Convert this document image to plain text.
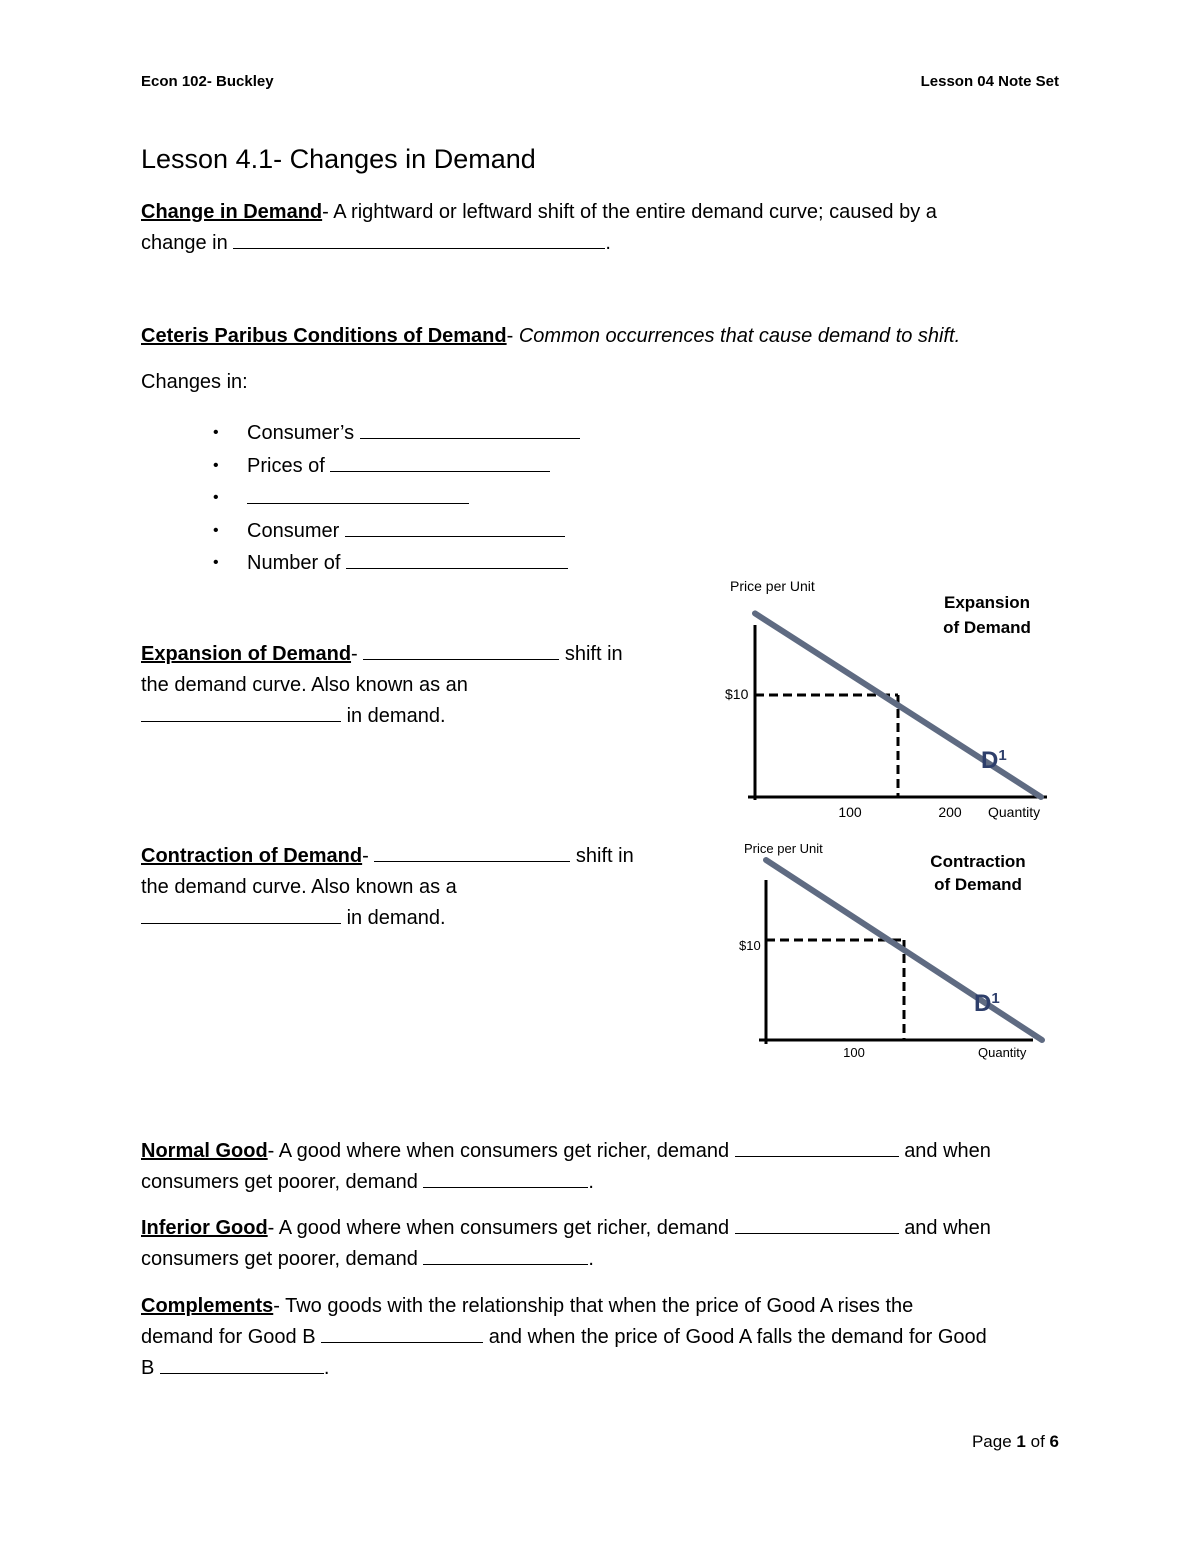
Econ 102- Buckley	Lesson 04 Note Set
Lesson 4.1- Changes in Demand
Change in Demand- A rightward or leftward shift of the entire demand curve; caused by a
change in	.
Ceteris Paribus Conditions of Demand- Common occurrences that cause demand to shift.
Changes in:
• Consumer’s
• Prices of
•
• Consumer
• Number of
Expansion of Demand-	shift in
the demand curve. Also known as an
in demand.
Contraction of Demand-	shift in
the demand curve. Also known as a
in demand.
Price per Unit
Expansion
of Demand
$10
100	200 Quantity
$D^1$
Price per Unit
Contraction
of Demand
$10
100	Quantity
$D^1$
Normal Good- A good where when consumers get richer, demand	and when
consumers get poorer, demand	.
Inferior Good- A good where when consumers get richer, demand	and when
consumers get poorer, demand	.
Complements- Two goods with the relationship that when the price of Good A rises the
demand for Good B	and when the price of Good A falls the demand for Good
B	.
Page 1 of 6
